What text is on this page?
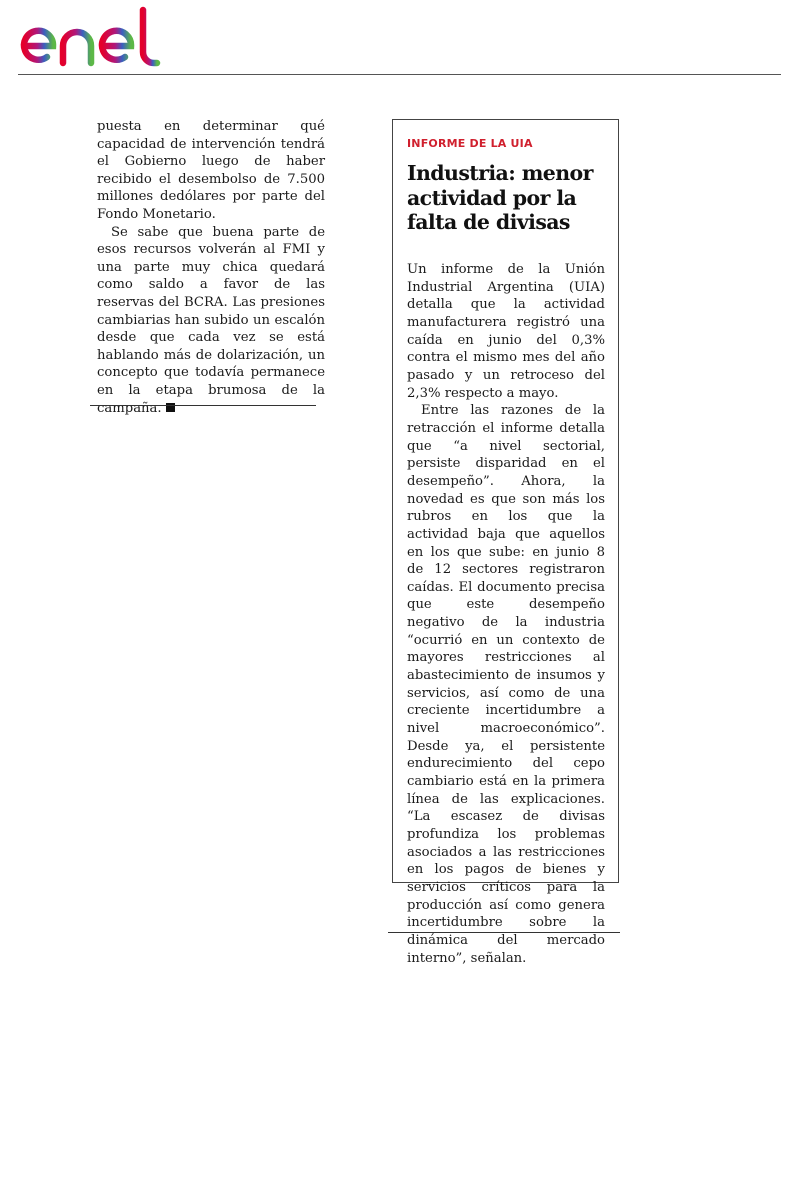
puesta en determinar qué capacidad de intervención tendrá el Gobierno luego de haber recibido el desembolso de 7.500 millones dedólares por parte del Fondo Monetario.

Se sabe que buena parte de esos recursos volverán al FMI y una parte muy chica quedará como saldo a favor de las reservas del BCRA. Las presiones cambiarias han subido un escalón desde que cada vez se está hablando más de dolarización, un concepto que todavía permanece en la etapa brumosa de la campaña.

INFORME DE LA UIA
Industria: menor actividad por la falta de divisas

Un informe de la Unión Industrial Argentina (UIA) detalla que la actividad manufacturera registró una caída en junio del 0,3% contra el mismo mes del año pasado y un retroceso del 2,3% respecto a mayo.

Entre las razones de la retracción el informe detalla que “a nivel sectorial, persiste disparidad en el desempeño”. Ahora, la novedad es que son más los rubros en los que la actividad baja que aquellos en los que sube: en junio 8 de 12 sectores registraron caídas. El documento precisa que este desempeño negativo de la industria “ocurrió en un contexto de mayores restricciones al abastecimiento de insumos y servicios, así como de una creciente incertidumbre a nivel macroeconómico”. Desde ya, el persistente endurecimiento del cepo cambiario está en la primera línea de las explicaciones. “La escasez de divisas profundiza los problemas asociados a las restricciones en los pagos de bienes y servicios críticos para la producción así como genera incertidumbre sobre la dinámica del mercado interno”, señalan.
